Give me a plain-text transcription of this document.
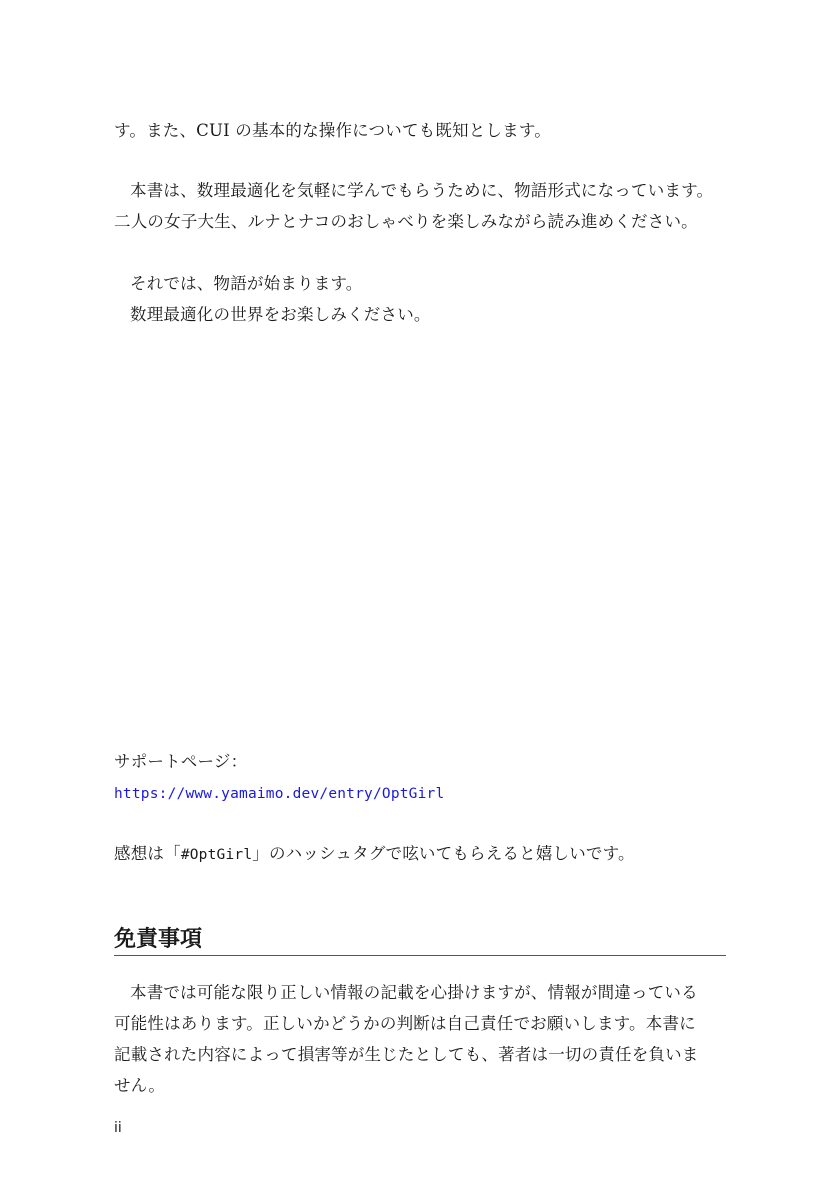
す。また、CUI の基本的な操作についても既知とします。
本書は、数理最適化を気軽に学んでもらうために、物語形式になっています。
二人の女子大生、ルナとナコのおしゃべりを楽しみながら読み進めください。
それでは、物語が始まります。
数理最適化の世界をお楽しみください。
サポートページ：
https://www.yamaimo.dev/entry/OptGirl
感想は「#OptGirl」のハッシュタグで呟いてもらえると嬉しいです。
免責事項
本書では可能な限り正しい情報の記載を心掛けますが、情報が間違っている
可能性はあります。正しいかどうかの判断は自己責任でお願いします。本書に
記載された内容によって損害等が生じたとしても、著者は一切の責任を負いま
せん。
ii
